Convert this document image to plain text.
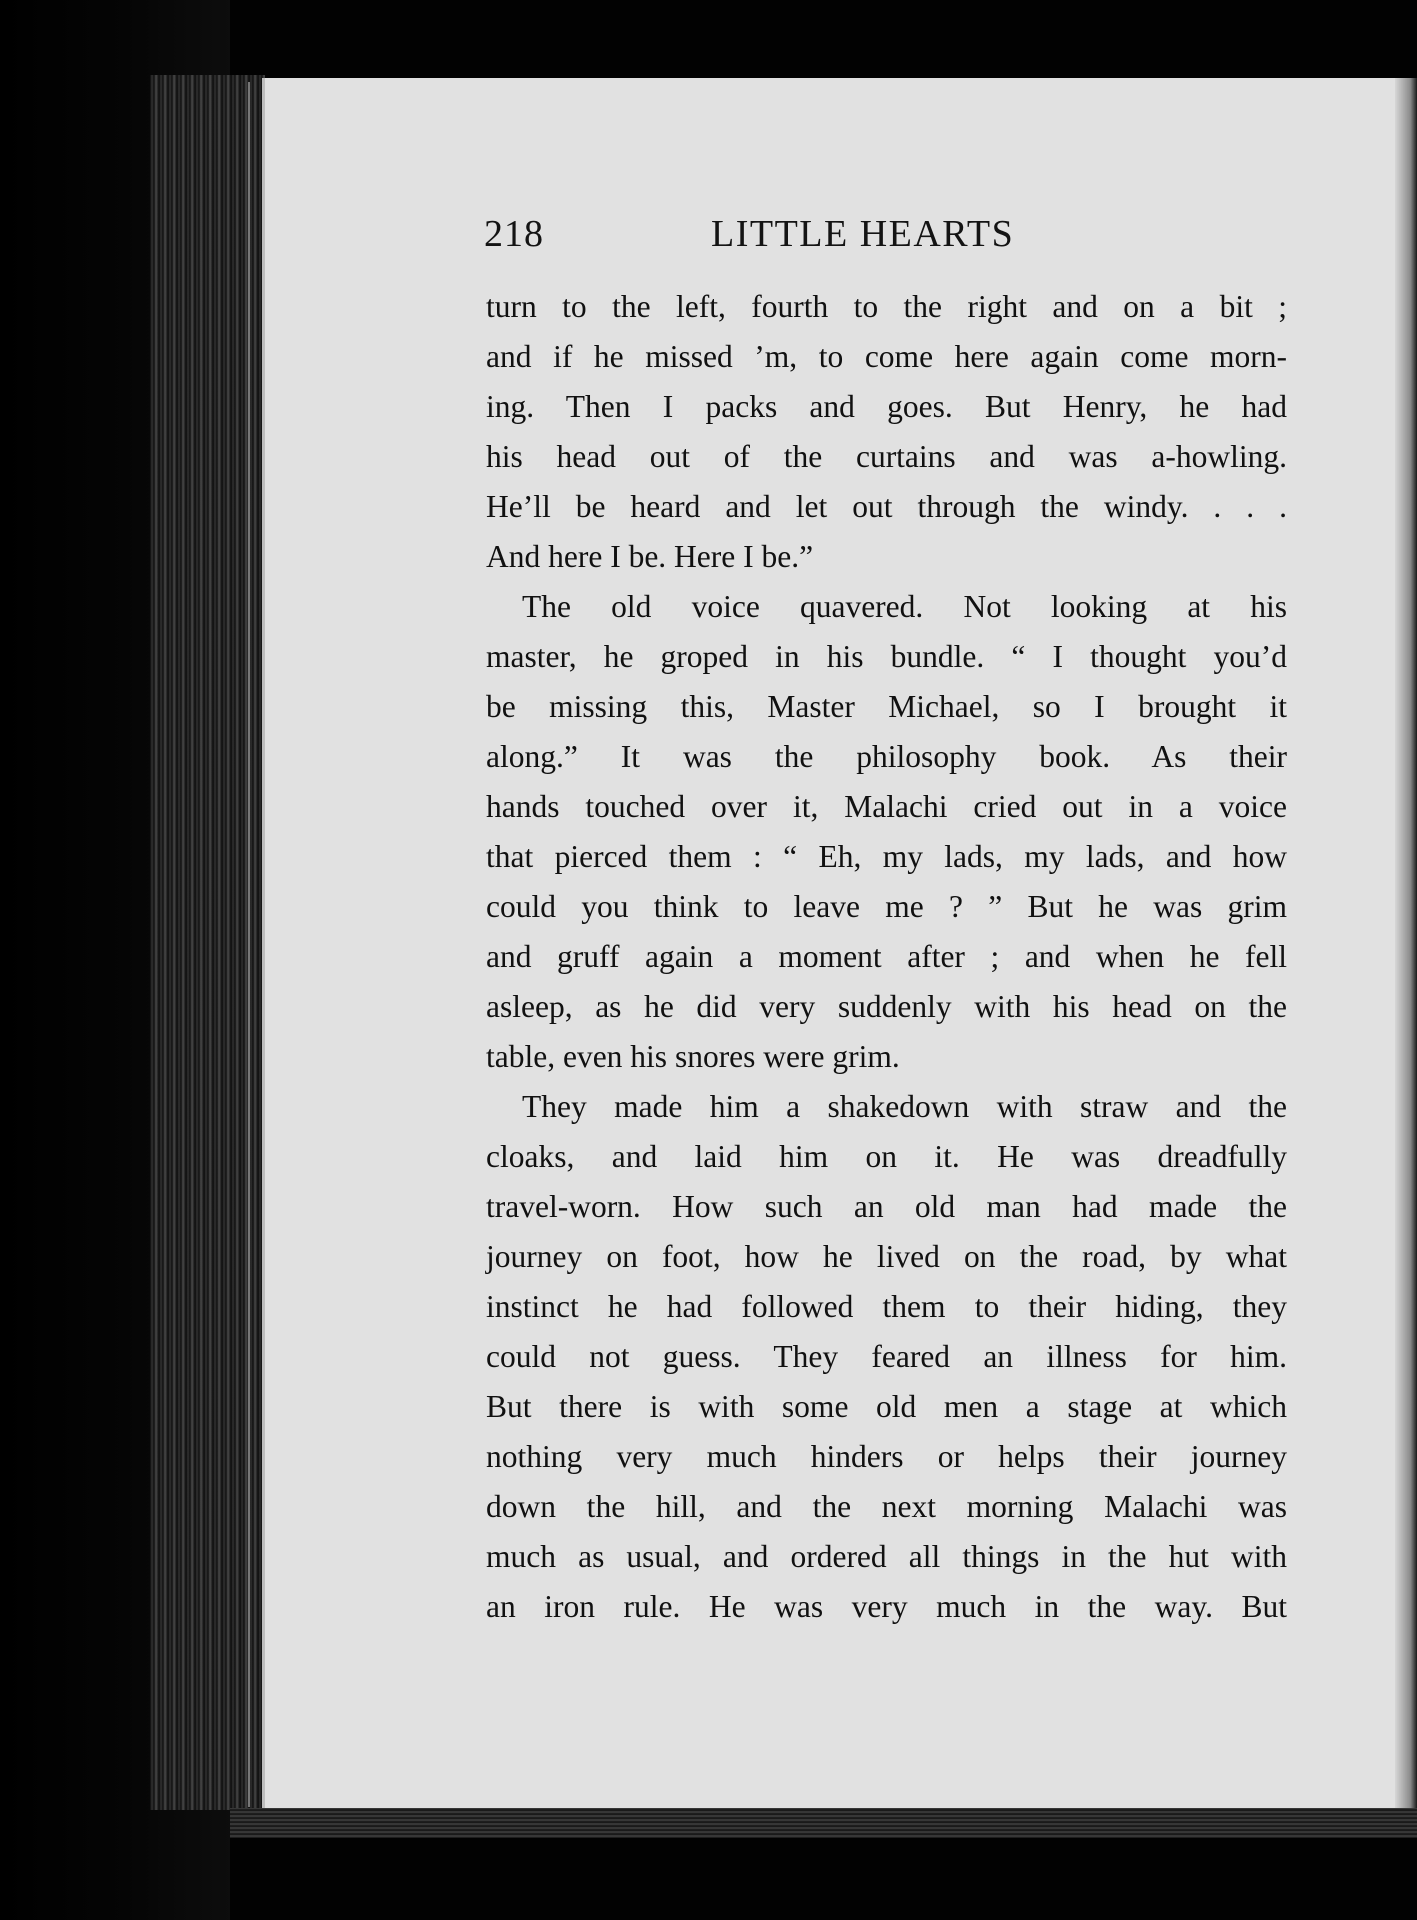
218	LITTLE HEARTS
turn to the left, fourth to the right and on a bit ;
and if he missed ’m, to come here again come morn-
ing. Then I packs and goes. But Henry, he had
his head out of the curtains and was a-howling.
He’ll be heard and let out through the windy. . . .
And here I be. Here I be.”
The old voice quavered. Not looking at his
master, he groped in his bundle. “ I thought you’d
be missing this, Master Michael, so I brought it
along.” It was the philosophy book. As their
hands touched over it, Malachi cried out in a voice
that pierced them : “ Eh, my lads, my lads, and how
could you think to leave me ? ” But he was grim
and gruff again a moment after ; and when he fell
asleep, as he did very suddenly with his head on the
table, even his snores were grim.
They made him a shakedown with straw and the
cloaks, and laid him on it. He was dreadfully
travel-worn. How such an old man had made the
journey on foot, how he lived on the road, by what
instinct he had followed them to their hiding, they
could not guess. They feared an illness for him.
But there is with some old men a stage at which
nothing very much hinders or helps their journey
down the hill, and the next morning Malachi was
much as usual, and ordered all things in the hut with
an iron rule. He was very much in the way. But
